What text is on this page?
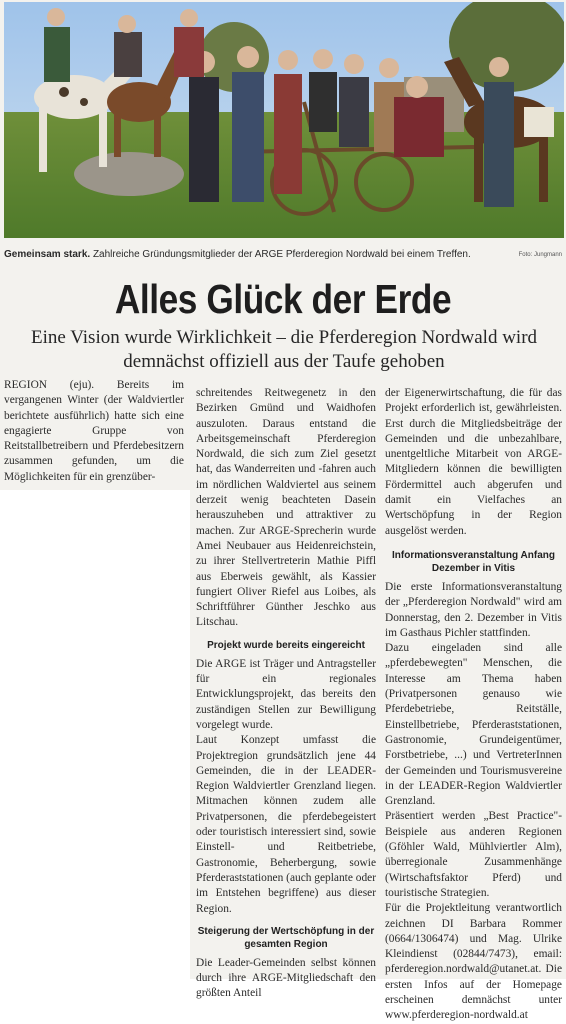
Gemeinsam stark. Zahlreiche Gründungsmitglieder der ARGE Pferderegion Nordwald bei einem Treffen.	Foto: Jungmann
Alles Glück der Erde
Eine Vision wurde Wirklichkeit – die Pferderegion Nordwald wird
demnächst offiziell aus der Taufe gehoben

REGION (eju). Bereits im vergangenen Winter (der Waldviertler berichtete ausführlich) hatte sich eine engagierte Gruppe von Reitstallbetreibern und Pferdebesitzern zusammen gefunden, um die Möglichkeiten für ein grenzüber-

schreitendes Reitwegenetz in den Bezirken Gmünd und Waidhofen auszuloten. Daraus entstand die Arbeitsgemeinschaft Pferderegion Nordwald, die sich zum Ziel gesetzt hat, das Wanderreiten und -fahren auch im nördlichen Waldviertel aus seinem derzeit wenig beachteten Dasein herauszuheben und attraktiver zu machen. Zur ARGE-Sprecherin wurde Amei Neubauer aus Heidenreichstein, zu ihrer Stellvertreterin Mathie Piffl aus Eberweis gewählt, als Kassier fungiert Oliver Riefel aus Loibes, als Schriftführer Günther Jeschko aus Litschau.

Projekt wurde bereits eingereicht

Die ARGE ist Träger und Antragsteller für ein regionales Entwicklungsprojekt, das bereits den zuständigen Stellen zur Bewilligung vorgelegt wurde.

Laut Konzept umfasst die Projektregion grundsätzlich jene 44 Gemeinden, die in der LEADER-Region Waldviertler Grenzland liegen. Mitmachen können zudem alle Privatpersonen, die pferdebegeistert oder touristisch interessiert sind, sowie Einstell- und Reitbetriebe, Gastronomie, Beherbergung, sowie Pferderaststationen (auch geplante oder im Entstehen begriffene) aus dieser Region.

Steigerung der Wertschöpfung in der gesamten Region

Die Leader-Gemeinden selbst können durch ihre ARGE-Mitgliedschaft den größten Anteil

der Eigenerwirtschaftung, die für das Projekt erforderlich ist, gewährleisten. Erst durch die Mitgliedsbeiträge der Gemeinden und die unbezahlbare, unentgeltliche Mitarbeit von ARGE-Mitgliedern können die bewilligten Fördermittel auch abgerufen und damit ein Vielfaches an Wertschöpfung in der Region ausgelöst werden.

Informationsveranstaltung Anfang Dezember in Vitis

Die erste Informationsveranstaltung der „Pferderegion Nordwald" wird am Donnerstag, den 2. Dezember in Vitis im Gasthaus Pichler stattfinden.

Dazu eingeladen sind alle „pferdebewegten" Menschen, die Interesse am Thema haben (Privatpersonen genauso wie Pferdebetriebe, Reitställe, Einstellbetriebe, Pferderaststationen, Gastronomie, Grundeigentümer, Forstbetriebe, ...) und VertreterInnen der Gemeinden und Tourismusvereine in der LEADER-Region Waldviertler Grenzland.

Präsentiert werden „Best Practice"-Beispiele aus anderen Regionen (Gföhler Wald, Mühlviertler Alm), überregionale Zusammenhänge (Wirtschaftsfaktor Pferd) und touristische Strategien.

Für die Projektleitung verantwortlich zeichnen DI Barbara Rommer (0664/1306474) und Mag. Ulrike Kleindienst (02844/7473), email: pferderegion.nordwald@utanet.at. Die ersten Infos auf der Homepage erscheinen demnächst unter www.pferderegion-nordwald.at
